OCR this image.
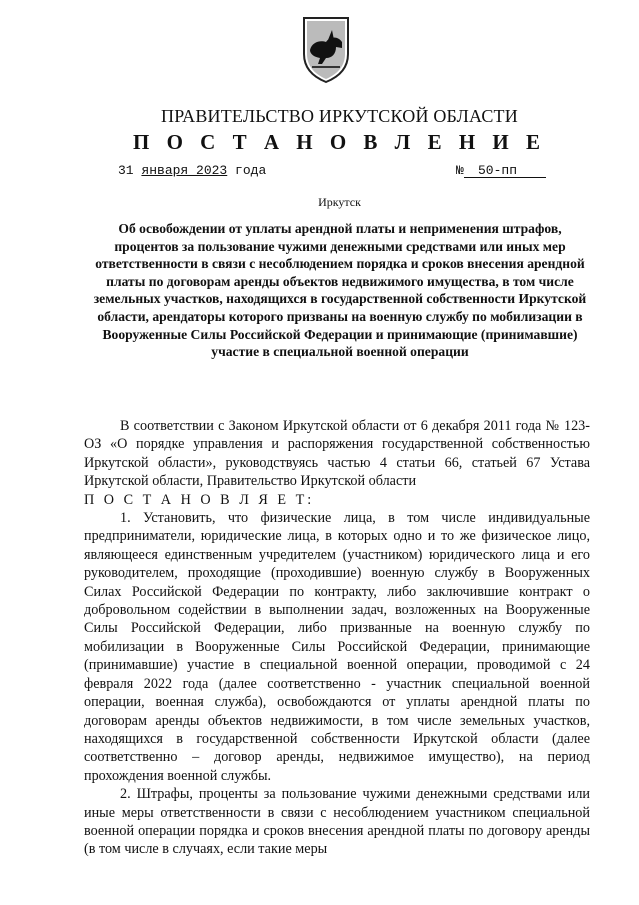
ПРАВИТЕЛЬСТВО ИРКУТСКОЙ ОБЛАСТИ
П О С Т А Н О В Л Е Н И Е
31 января 2023 года	№ 50-пп
Иркутск
Об освобождении от уплаты арендной платы и неприменения штрафов, процентов за пользование чужими денежными средствами или иных мер ответственности в связи с несоблюдением порядка и сроков внесения арендной платы по договорам аренды объектов недвижимого имущества, в том числе земельных участков, находящихся в государственной собственности Иркутской области, арендаторы которого призваны на военную службу по мобилизации в Вооруженные Силы Российской Федерации и принимающие (принимавшие) участие в специальной военной операции

В соответствии с Законом Иркутской области от 6 декабря 2011 года № 123-ОЗ «О порядке управления и распоряжения государственной собственностью Иркутской области», руководствуясь частью 4 статьи 66, статьей 67 Устава Иркутской области, Правительство Иркутской области

П О С Т А Н О В Л Я Е Т:

1. Установить, что физические лица, в том числе индивидуальные предприниматели, юридические лица, в которых одно и то же физическое лицо, являющееся единственным учредителем (участником) юридического лица и его руководителем, проходящие (проходившие) военную службу в Вооруженных Силах Российской Федерации по контракту, либо заключившие контракт о добровольном содействии в выполнении задач, возложенных на Вооруженные Силы Российской Федерации, либо призванные на военную службу по мобилизации в Вооруженные Силы Российской Федерации, принимающие (принимавшие) участие в специальной военной операции, проводимой с 24 февраля 2022 года (далее соответственно - участник специальной военной операции, военная служба), освобождаются от уплаты арендной платы по договорам аренды объектов недвижимости, в том числе земельных участков, находящихся в государственной собственности Иркутской области (далее соответственно – договор аренды, недвижимое имущество), на период прохождения военной службы.

2. Штрафы, проценты за пользование чужими денежными средствами или иные меры ответственности в связи с несоблюдением участником специальной военной операции порядка и сроков внесения арендной платы по договору аренды (в том числе в случаях, если такие меры
